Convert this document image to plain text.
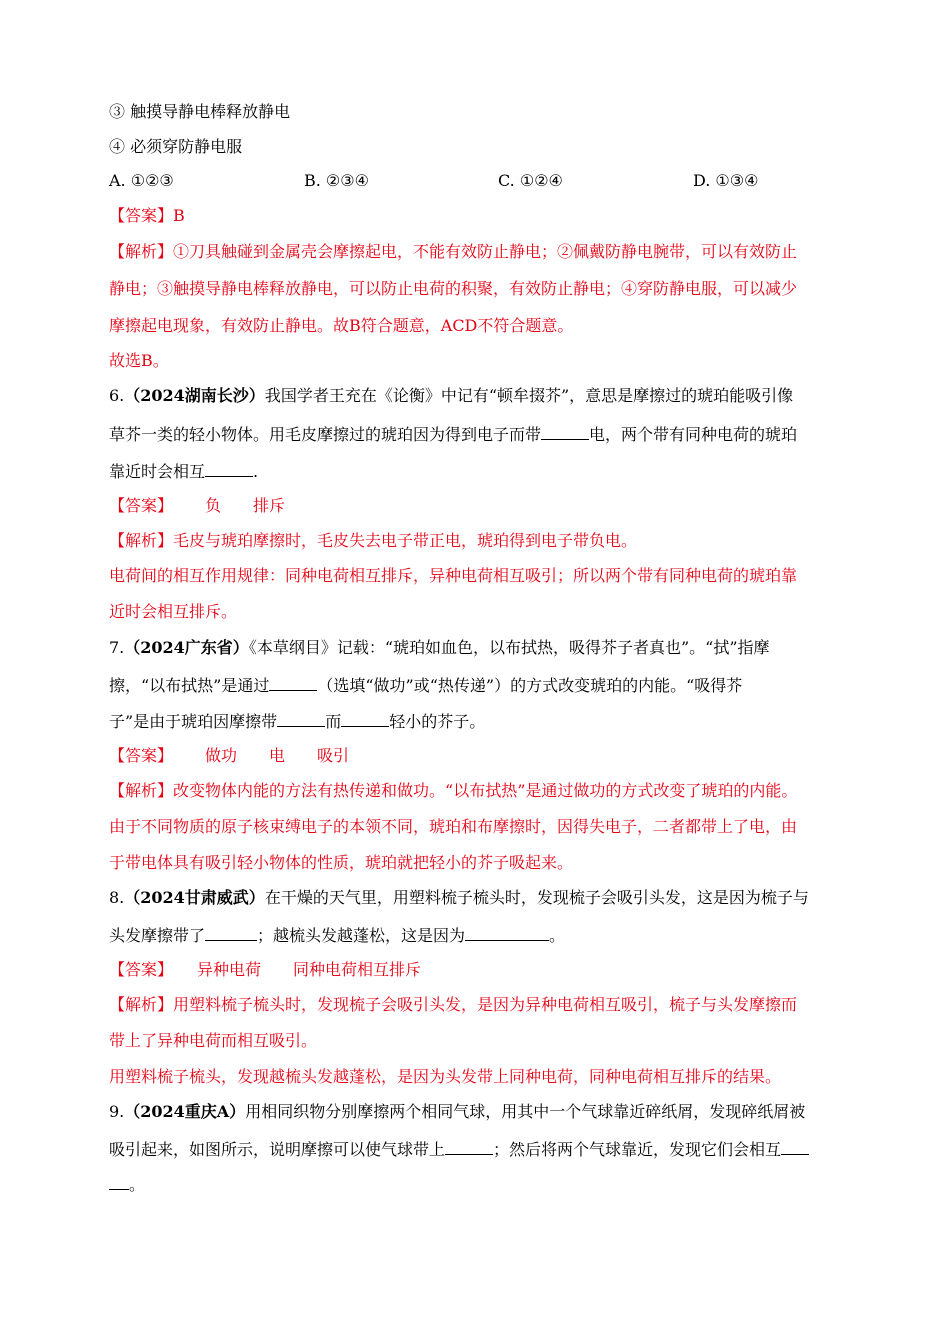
③ 触摸导静电棒释放静电
④ 必须穿防静电服
A. ①②③	B. ②③④	C. ①②④	D. ①③④
【答案】B
【解析】①刀具触碰到金属壳会摩擦起电，不能有效防止静电；②佩戴防静电腕带，可以有效防止
静电；③触摸导静电棒释放静电，可以防止电荷的积聚，有效防止静电；④穿防静电服，可以减少
摩擦起电现象，有效防止静电。故B符合题意，ACD不符合题意。
故选B。
6.（2024湖南长沙）我国学者王充在《论衡》中记有“顿牟掇芥”，意思是摩擦过的琥珀能吸引像
草芥一类的轻小物体。用毛皮摩擦过的琥珀因为得到电子而带	电，两个带有同种电荷的琥珀
靠近时会相互	.
【答案】 负 排斥
【解析】毛皮与琥珀摩擦时，毛皮失去电子带正电，琥珀得到电子带负电。
电荷间的相互作用规律：同种电荷相互排斥，异种电荷相互吸引；所以两个带有同种电荷的琥珀靠
近时会相互排斥。
7.（2024广东省）《本草纲目》记载：“琥珀如血色，以布拭热，吸得芥子者真也”。“拭”指摩
擦，“以布拭热”是通过	（选填“做功”或“热传递”）的方式改变琥珀的内能。“吸得芥
子”是由于琥珀因摩擦带	而	轻小的芥子。
【答案】 做功 电 吸引
【解析】改变物体内能的方法有热传递和做功。“以布拭热”是通过做功的方式改变了琥珀的内能。
由于不同物质的原子核束缚电子的本领不同，琥珀和布摩擦时，因得失电子，二者都带上了电，由
于带电体具有吸引轻小物体的性质，琥珀就把轻小的芥子吸起来。
8.（2024甘肃威武）在干燥的天气里，用塑料梳子梳头时，发现梳子会吸引头发，这是因为梳子与
头发摩擦带了	；越梳头发越蓬松，这是因为	。
【答案】 异种电荷 同种电荷相互排斥
【解析】用塑料梳子梳头时，发现梳子会吸引头发，是因为异种电荷相互吸引，梳子与头发摩擦而
带上了异种电荷而相互吸引。
用塑料梳子梳头，发现越梳头发越蓬松，是因为头发带上同种电荷，同种电荷相互排斥的结果。
9.（2024重庆A）用相同织物分别摩擦两个相同气球，用其中一个气球靠近碎纸屑，发现碎纸屑被
吸引起来，如图所示，说明摩擦可以使气球带上	；然后将两个气球靠近，发现它们会相互
。
